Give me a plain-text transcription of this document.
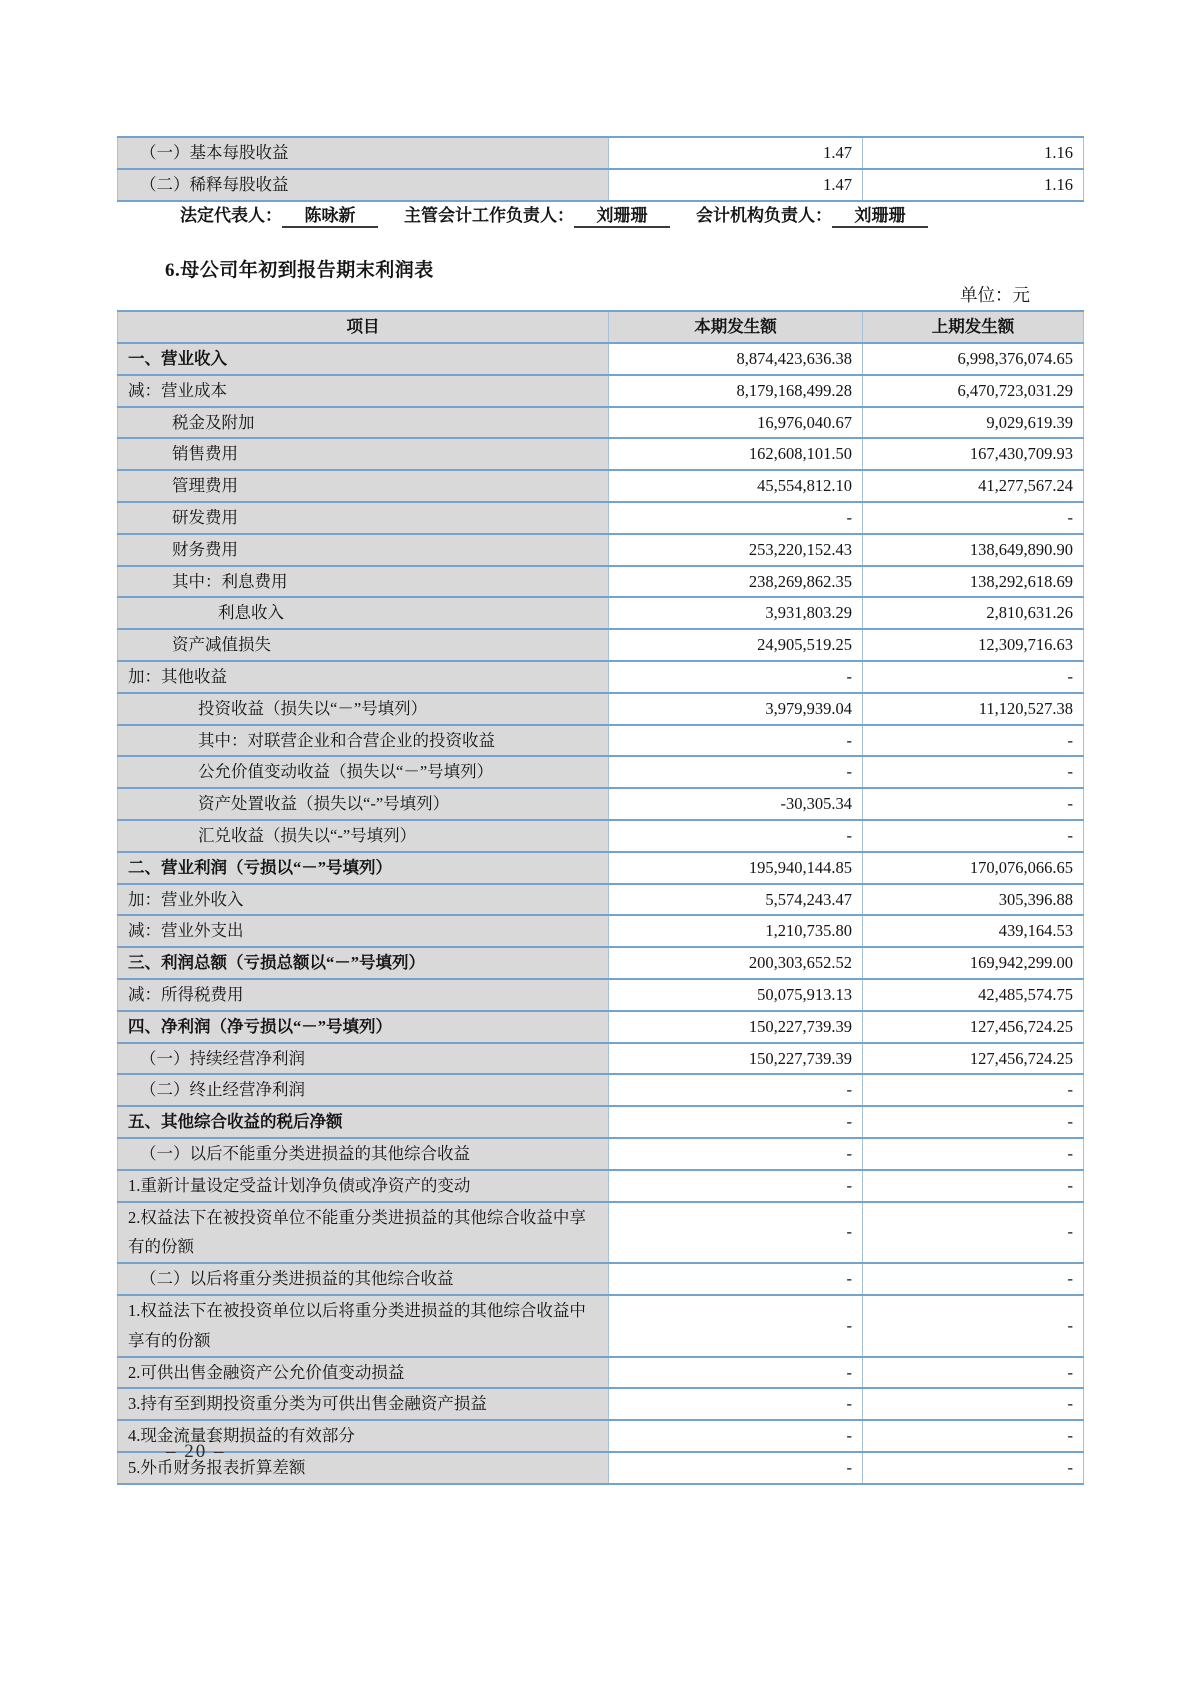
（一）基本每股收益	1.47	1.16
（二）稀释每股收益	1.47	1.16
法定代表人： 陈咏新	主管会计工作负责人： 刘珊珊	会计机构负责人： 刘珊珊
6.母公司年初到报告期末利润表
单位：元
项目	本期发生额	上期发生额
一、营业收入	8,874,423,636.38	6,998,376,074.65
减：营业成本	8,179,168,499.28	6,470,723,031.29
税金及附加	16,976,040.67	9,029,619.39
销售费用	162,608,101.50	167,430,709.93
管理费用	45,554,812.10	41,277,567.24
研发费用	-	-
财务费用	253,220,152.43	138,649,890.90
其中：利息费用	238,269,862.35	138,292,618.69
利息收入	3,931,803.29	2,810,631.26
资产减值损失	24,905,519.25	12,309,716.63
加：其他收益	-	-
投资收益（损失以“－”号填列）	3,979,939.04	11,120,527.38
其中：对联营企业和合营企业的投资收益	-	-
公允价值变动收益（损失以“－”号填列）	-	-
资产处置收益（损失以“-”号填列）	-30,305.34	-
汇兑收益（损失以“-”号填列）	-	-
二、营业利润（亏损以“－”号填列）	195,940,144.85	170,076,066.65
加：营业外收入	5,574,243.47	305,396.88
减：营业外支出	1,210,735.80	439,164.53
三、利润总额（亏损总额以“－”号填列）	200,303,652.52	169,942,299.00
减：所得税费用	50,075,913.13	42,485,574.75
四、净利润（净亏损以“－”号填列）	150,227,739.39	127,456,724.25
（一）持续经营净利润	150,227,739.39	127,456,724.25
（二）终止经营净利润	-	-
五、其他综合收益的税后净额	-	-
（一）以后不能重分类进损益的其他综合收益	-	-
1.重新计量设定受益计划净负债或净资产的变动	-	-
2.权益法下在被投资单位不能重分类进损益的其他综合收益中享有的份额	-	-
（二）以后将重分类进损益的其他综合收益	-	-
1.权益法下在被投资单位以后将重分类进损益的其他综合收益中享有的份额	-	-
2.可供出售金融资产公允价值变动损益	-	-
3.持有至到期投资重分类为可供出售金融资产损益	-	-
4.现金流量套期损益的有效部分	-	-
5.外币财务报表折算差额	-	-
– 20 –
